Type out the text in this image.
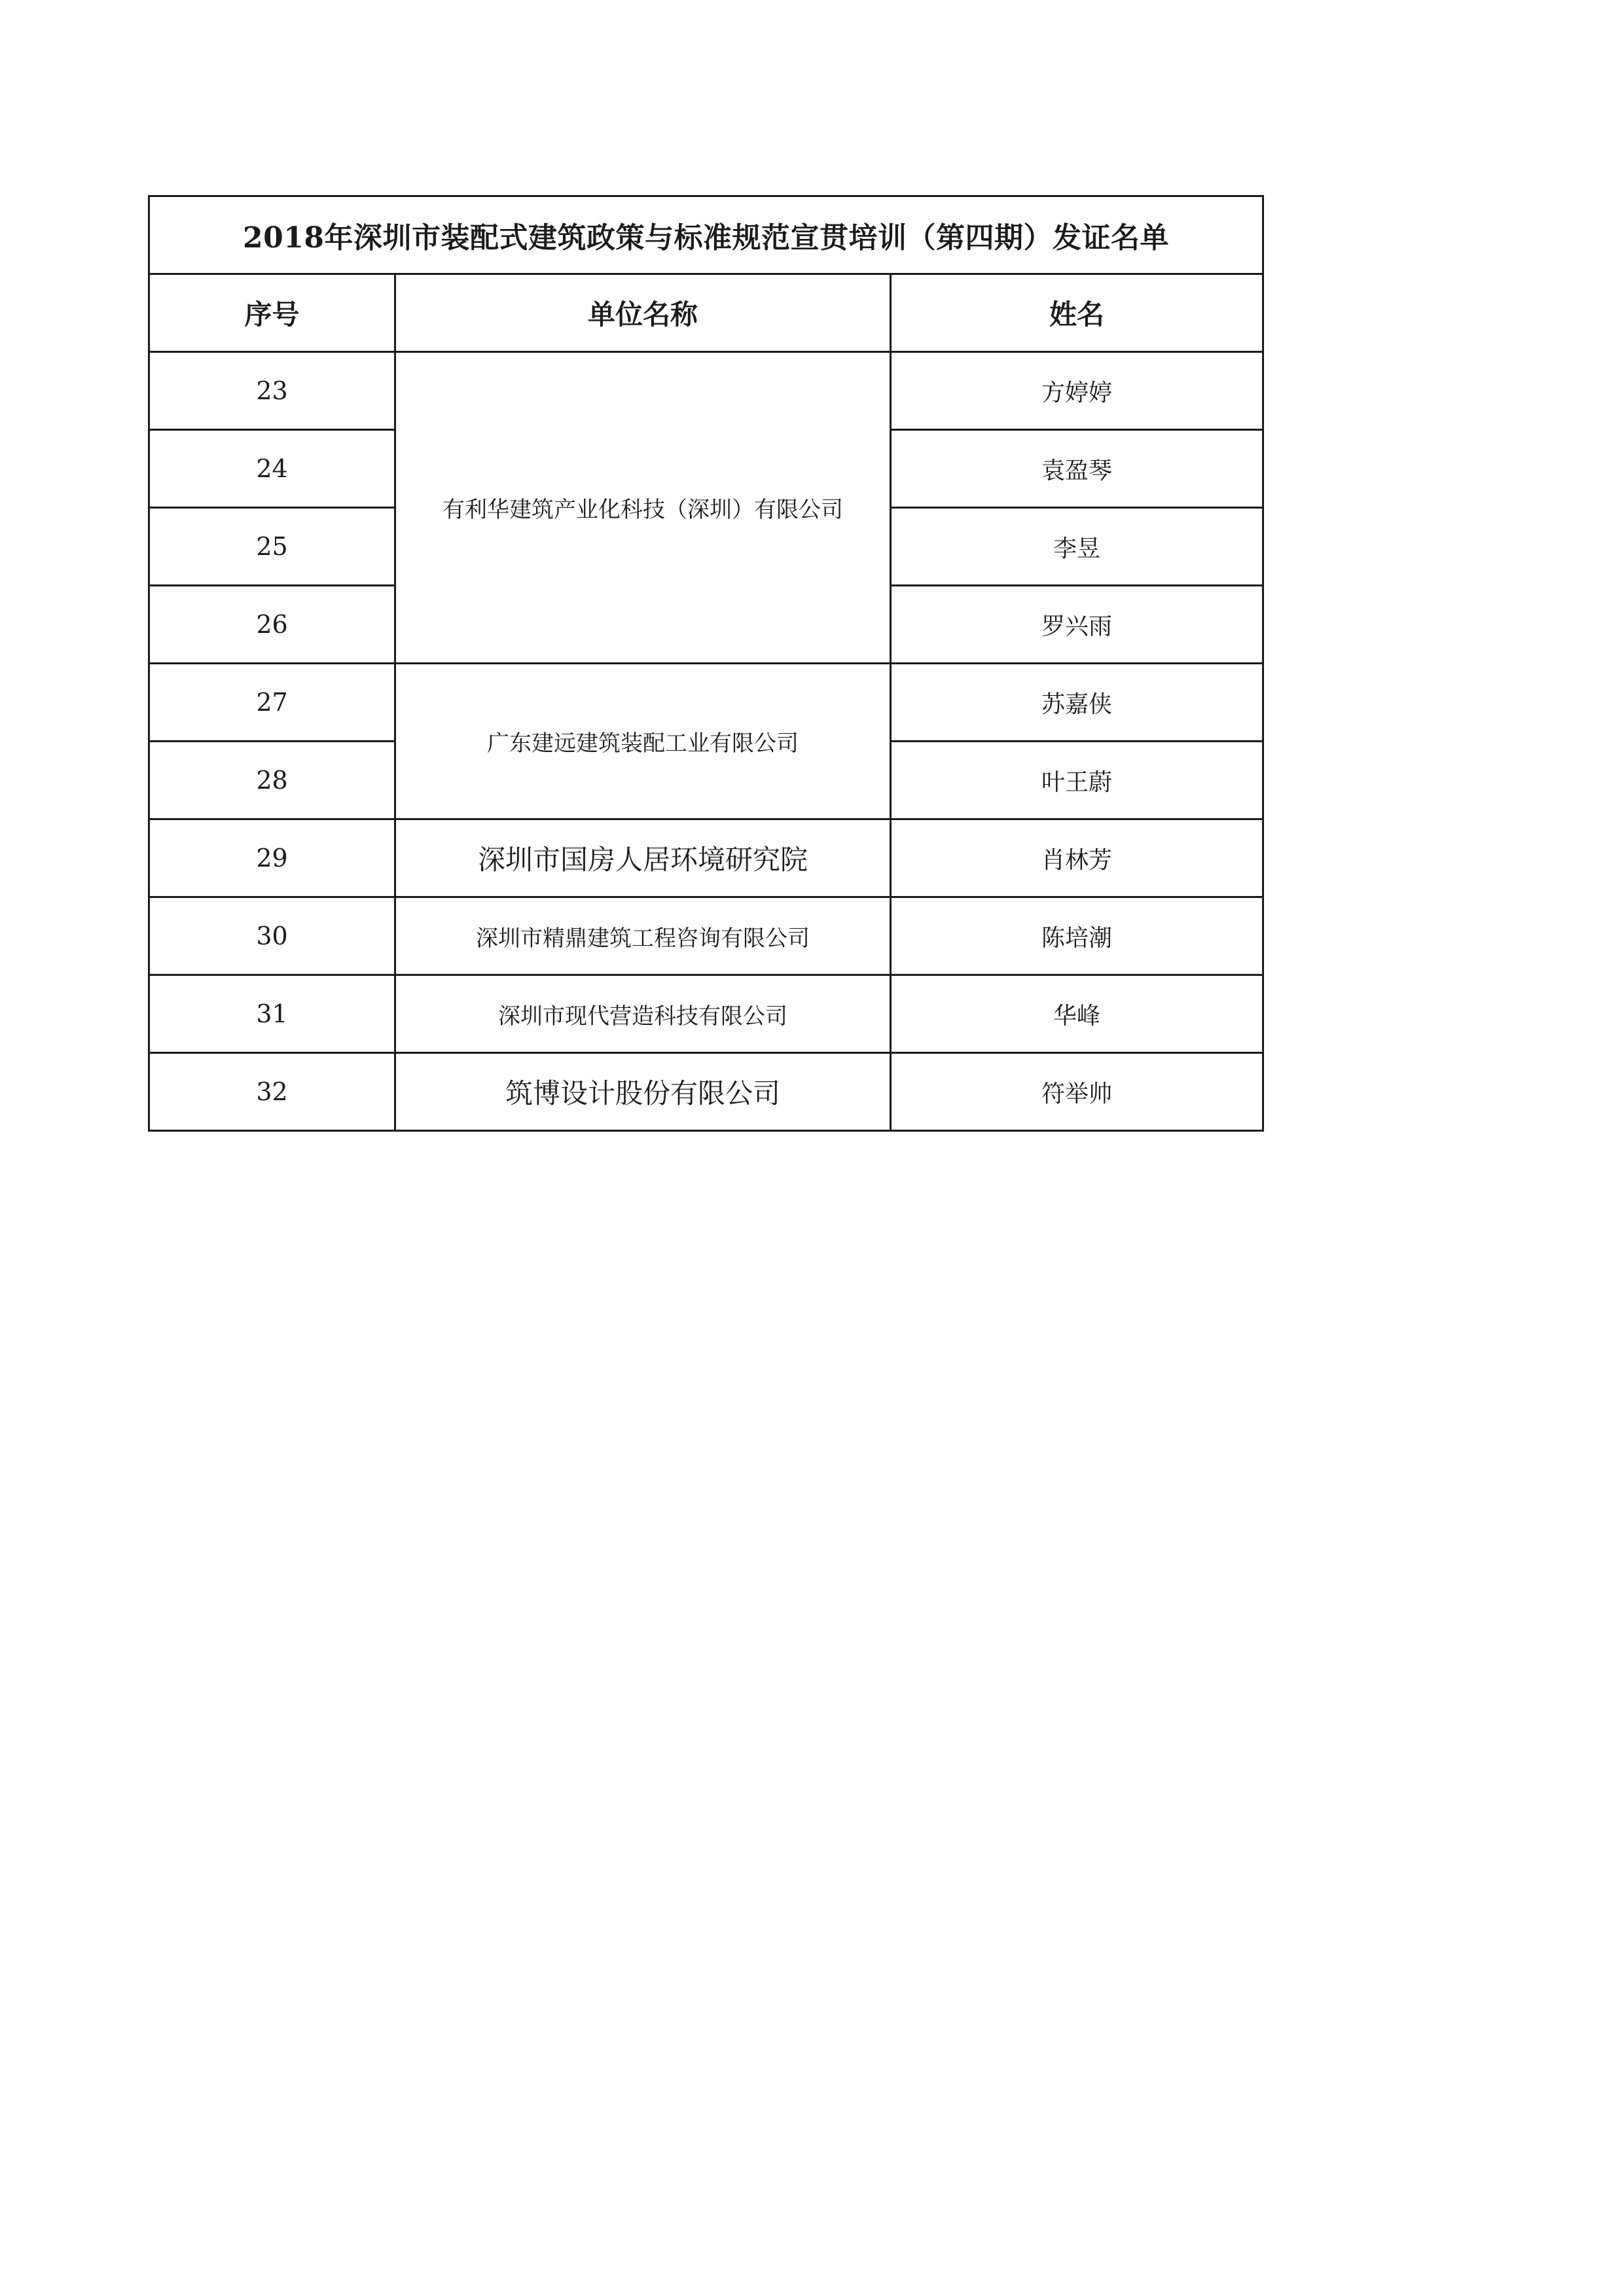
2018年深圳市装配式建筑政策与标准规范宣贯培训（第四期）发证名单		
序号	单位名称	姓名
23	有利华建筑产业化科技（深圳）有限公司	方婷婷
24		袁盈琴
25		李昱
26		罗兴雨
27	广东建远建筑装配工业有限公司	苏嘉侠
28		叶王蔚
29	深圳市国房人居环境研究院	肖林芳
30	深圳市精鼎建筑工程咨询有限公司	陈培潮
31	深圳市现代营造科技有限公司	华峰
32	筑博设计股份有限公司	符举帅
